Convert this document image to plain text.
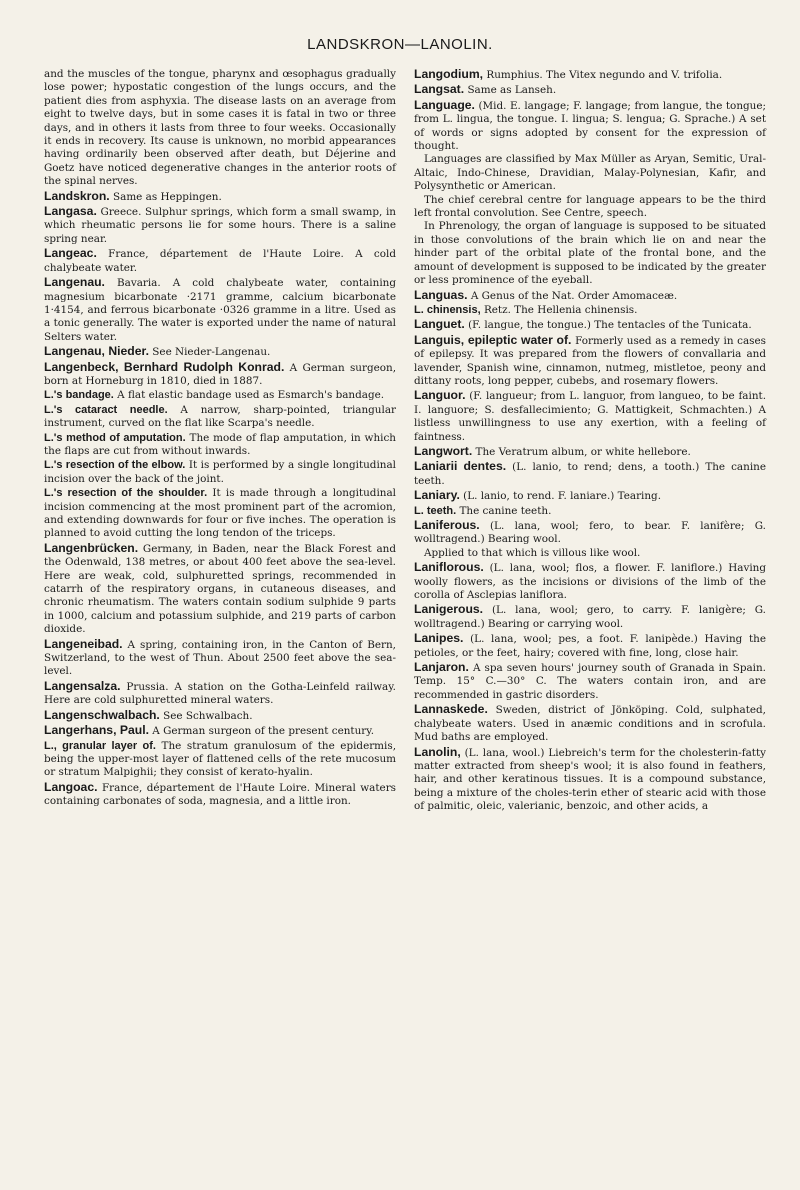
LANDSKRON—LANOLIN.
and the muscles of the tongue, pharynx and œsophagus gradually lose power; hypostatic congestion of the lungs occurs, and the patient dies from asphyxia. The disease lasts on an average from eight to twelve days, but in some cases it is fatal in two or three days, and in others it lasts from three to four weeks. Occasionally it ends in recovery. Its cause is unknown, no morbid appearances having ordinarily been observed after death, but Déjerine and Goetz have noticed degenerative changes in the anterior roots of the spinal nerves.
Landskron. Same as Heppingen.
Langasa. Greece. Sulphur springs, which form a small swamp, in which rheumatic persons lie for some hours. There is a saline spring near.
Langeac. France, département de l'Haute Loire. A cold chalybeate water.
Langenau. Bavaria. A cold chalybeate water, containing magnesium bicarbonate ·2171 gramme, calcium bicarbonate 1·4154, and ferrous bicarbonate ·0326 gramme in a litre. Used as a tonic generally. The water is exported under the name of natural Selters water.
Langenau, Nieder. See Nieder-Langenau.
Langenbeck, Bernhard Rudolph Konrad. A German surgeon, born at Horneburg in 1810, died in 1887.
L.'s bandage. A flat elastic bandage used as Esmarch's bandage.
L.'s cataract needle. A narrow, sharp-pointed, triangular instrument, curved on the flat like Scarpa's needle.
L.'s method of amputation. The mode of flap amputation, in which the flaps are cut from without inwards.
L.'s resection of the elbow. It is performed by a single longitudinal incision over the back of the joint.
L.'s resection of the shoulder. It is made through a longitudinal incision commencing at the most prominent part of the acromion, and extending downwards for four or five inches. The operation is planned to avoid cutting the long tendon of the triceps.
Langenbrücken. Germany, in Baden, near the Black Forest and the Odenwald, 138 metres, or about 400 feet above the sea-level. Here are weak, cold, sulphuretted springs, recommended in catarrh of the respiratory organs, in cutaneous diseases, and chronic rheumatism. The waters contain sodium sulphide 9 parts in 1000, calcium and potassium sulphide, and 219 parts of carbon dioxide.
Langeneibad. A spring, containing iron, in the Canton of Bern, Switzerland, to the west of Thun. About 2500 feet above the sea-level.
Langensalza. Prussia. A station on the Gotha-Leinfeld railway. Here are cold sulphuretted mineral waters.
Langenschwalbach. See Schwalbach.
Langerhans, Paul. A German surgeon of the present century.
L., granular layer of. The stratum granulosum of the epidermis, being the upper-most layer of flattened cells of the rete mucosum or stratum Malpighii; they consist of kerato-hyalin.
Langoac. France, département de l'Haute Loire. Mineral waters containing carbonates of soda, magnesia, and a little iron.
Langodium, Rumphius. The Vitex negundo and V. trifolia.
Langsat. Same as Lanseh.
Language. (Mid. E. langage; F. langage; from langue, the tongue; from L. lingua, the tongue. I. lingua; S. lengua; G. Sprache.) A set of words or signs adopted by consent for the expression of thought.

Languages are classified by Max Müller as Aryan, Semitic, Ural-Altaic, Indo-Chinese, Dravidian, Malay-Polynesian, Kafir, and Polysynthetic or American.

The chief cerebral centre for language appears to be the third left frontal convolution. See Centre, speech.

In Phrenology, the organ of language is supposed to be situated in those convolutions of the brain which lie on and near the hinder part of the orbital plate of the frontal bone, and the amount of development is supposed to be indicated by the greater or less prominence of the eyeball.

Languas. A Genus of the Nat. Order Amomaceæ.
L. chinensis, Retz. The Hellenia chinensis.
Languet. (F. langue, the tongue.) The tentacles of the Tunicata.
Languis, epileptic water of. Formerly used as a remedy in cases of epilepsy. It was prepared from the flowers of convallaria and lavender, Spanish wine, cinnamon, nutmeg, mistletoe, peony and dittany roots, long pepper, cubebs, and rosemary flowers.
Languor. (F. langueur; from L. languor, from langueo, to be faint. I. languore; S. desfallecimiento; G. Mattigkeit, Schmachten.) A listless unwillingness to use any exertion, with a feeling of faintness.
Langwort. The Veratrum album, or white hellebore.
Laniarii dentes. (L. lanio, to rend; dens, a tooth.) The canine teeth.
Laniary. (L. lanio, to rend. F. laniare.) Tearing.
L. teeth. The canine teeth.
Laniferous. (L. lana, wool; fero, to bear. F. lanifère; G. wolltragend.) Bearing wool.

Applied to that which is villous like wool.

Laniflorous. (L. lana, wool; flos, a flower. F. laniflore.) Having woolly flowers, as the incisions or divisions of the limb of the corolla of Asclepias laniflora.
Lanigerous. (L. lana, wool; gero, to carry. F. lanigère; G. wolltragend.) Bearing or carrying wool.
Lanipes. (L. lana, wool; pes, a foot. F. lanipède.) Having the petioles, or the feet, hairy; covered with fine, long, close hair.
Lanjaron. A spa seven hours' journey south of Granada in Spain. Temp. 15° C.—30° C. The waters contain iron, and are recommended in gastric disorders.
Lannaskede. Sweden, district of Jönköping. Cold, sulphated, chalybeate waters. Used in anæmic conditions and in scrofula. Mud baths are employed.
Lanolin, (L. lana, wool.) Liebreich's term for the cholesterin-fatty matter extracted from sheep's wool; it is also found in feathers, hair, and other keratinous tissues. It is a compound substance, being a mixture of the choles-terin ether of stearic acid with those of palmitic, oleic, valerianic, benzoic, and other acids, a
